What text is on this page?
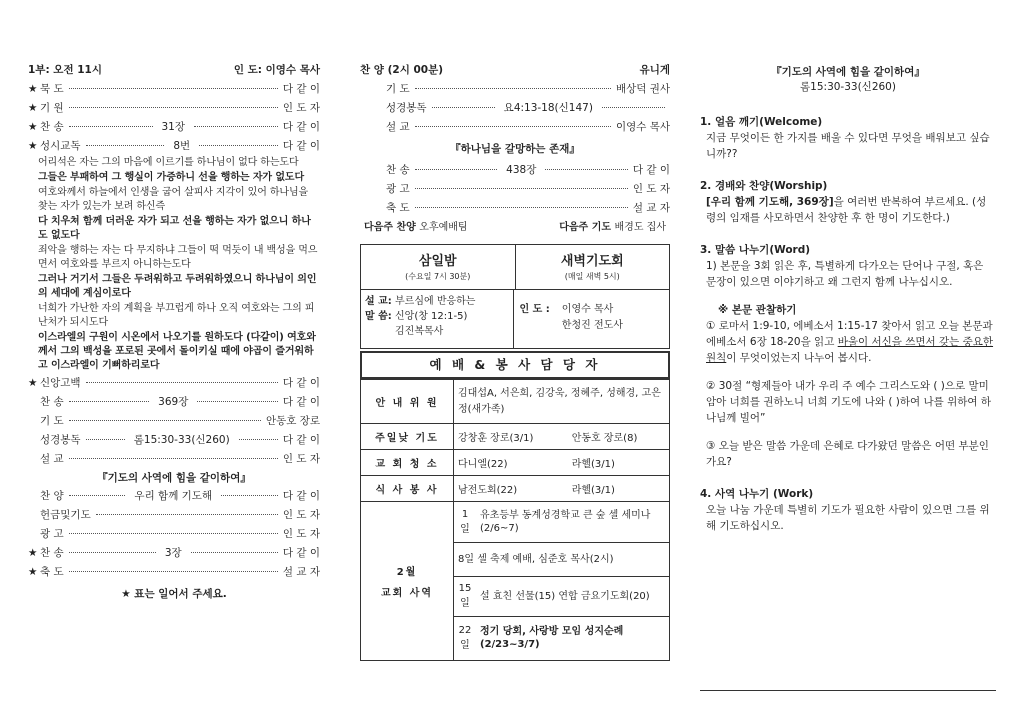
1부: 오전 11시	인 도: 이영수 목사
★ 묵 도	다 같 이
★ 기 원	인 도 자
★ 찬 송	31장	다 같 이
★ 성시교독	8번	다 같 이
어리석은 자는 그의 마음에 이르기를 하나님이 없다 하는도다
그들은 부패하여 그 행실이 가증하니 선을 행하는 자가 없도다
여호와께서 하늘에서 인생을 굽어 살피사 지각이 있어 하나님을 찾는 자가 있는가 보려 하신즉
다 치우쳐 함께 더러운 자가 되고 선을 행하는 자가 없으니 하나도 없도다
죄악을 행하는 자는 다 무지하냐 그들이 떡 먹듯이 내 백성을 먹으면서 여호와를 부르지 아니하는도다
그러나 거기서 그들은 두려워하고 두려워하였으니 하나님이 의인의 세대에 계심이로다
너희가 가난한 자의 계획을 부끄럽게 하나 오직 여호와는 그의 피난처가 되시도다
이스라엘의 구원이 시온에서 나오기를 원하도다 (다같이) 여호와께서 그의 백성을 포로된 곳에서 돌이키실 때에 야곱이 즐거워하고 이스라엘이 기뻐하리로다
★ 신앙고백	다 같 이
찬 송	369장	다 같 이
기 도	안동호 장로
성경봉독	롬15:30-33(신260)	다 같 이
설 교	인 도 자
『기도의 사역에 힘을 같이하여』
찬 양	우리 함께 기도해	다 같 이
헌금및기도	인 도 자
광 고	인 도 자
★ 찬 송	3장	다 같 이
★ 축 도	설 교 자
★ 표는 일어서 주세요.
찬 양 (2시 00분)	유니게
기 도	배상덕 권사
성경봉독	요4:13-18(신147)
설 교	이영수 목사
『하나님을 갈망하는 존재』
찬 송	438장	다 같 이
광 고	인 도 자
축 도	설 교 자
다음주 찬양 오후예배팀	다음주 기도 배경도 집사
삼일밤
(수요일 7시 30분)
새벽기도회
(매일 새벽 5시)
설 교: 부르심에 반응하는
말 씀: 신앙(창 12:1-5)
김진복목사
인 도 : 이영수 목사
한청진 전도사
예 배 & 봉 사 담 당 자
안 내 위 원	김대섭A, 서은희, 김강욱, 정혜주, 성해경, 고은정(새가족)	
주일낮 기도	강창훈 장로(3/1)	안동호 장로(8)
교 회 청 소	다니엘(22)	라헬(3/1)
식 사 봉 사	남전도회(22)	라헬(3/1)
2월
교회 사역	1일	유초등부 동계성경학교 큰 숲 셀 세미나(2/6~7)
	8일 셀 축제 예배, 심준호 목사(2시)	
	15일	설 효친 선물(15) 연합 금요기도회(20)
	22일	정기 당회, 사랑방 모임 성지순례(2/23~3/7)
『기도의 사역에 힘을 같이하여』
롬15:30-33(신260)
1. 얼음 깨기(Welcome)
지금 무엇이든 한 가지를 배울 수 있다면 무엇을 배워보고 싶습니까??
2. 경배와 찬양(Worship)
[우리 함께 기도해, 369장]을 여러번 반복하여 부르세요. (성령의 임재를 사모하면서 찬양한 후 한 명이 기도한다.)
3. 말씀 나누기(Word)
1) 본문을 3회 읽은 후, 특별하게 다가오는 단어나 구절, 혹은 문장이 있으면 이야기하고 왜 그런지 함께 나누십시오.
※ 본문 관찰하기
① 로마서 1:9-10, 에베소서 1:15-17 찾아서 읽고 오늘 본문과 에베소서 6장 18-20을 읽고 바울이 서신을 쓰면서 갖는 중요한 원칙이 무엇이었는지 나누어 봅시다.
② 30절 “형제들아 내가 우리 주 예수 그리스도와 ( )으로 말미암아 너희를 권하노니 너희 기도에 나와 ( )하여 나를 위하여 하나님께 빌어”
③ 오늘 받은 말씀 가운데 은혜로 다가왔던 말씀은 어떤 부분인가요?
4. 사역 나누기 (Work)
오늘 나눔 가운데 특별히 기도가 필요한 사람이 있으면 그를 위해 기도하십시오.
